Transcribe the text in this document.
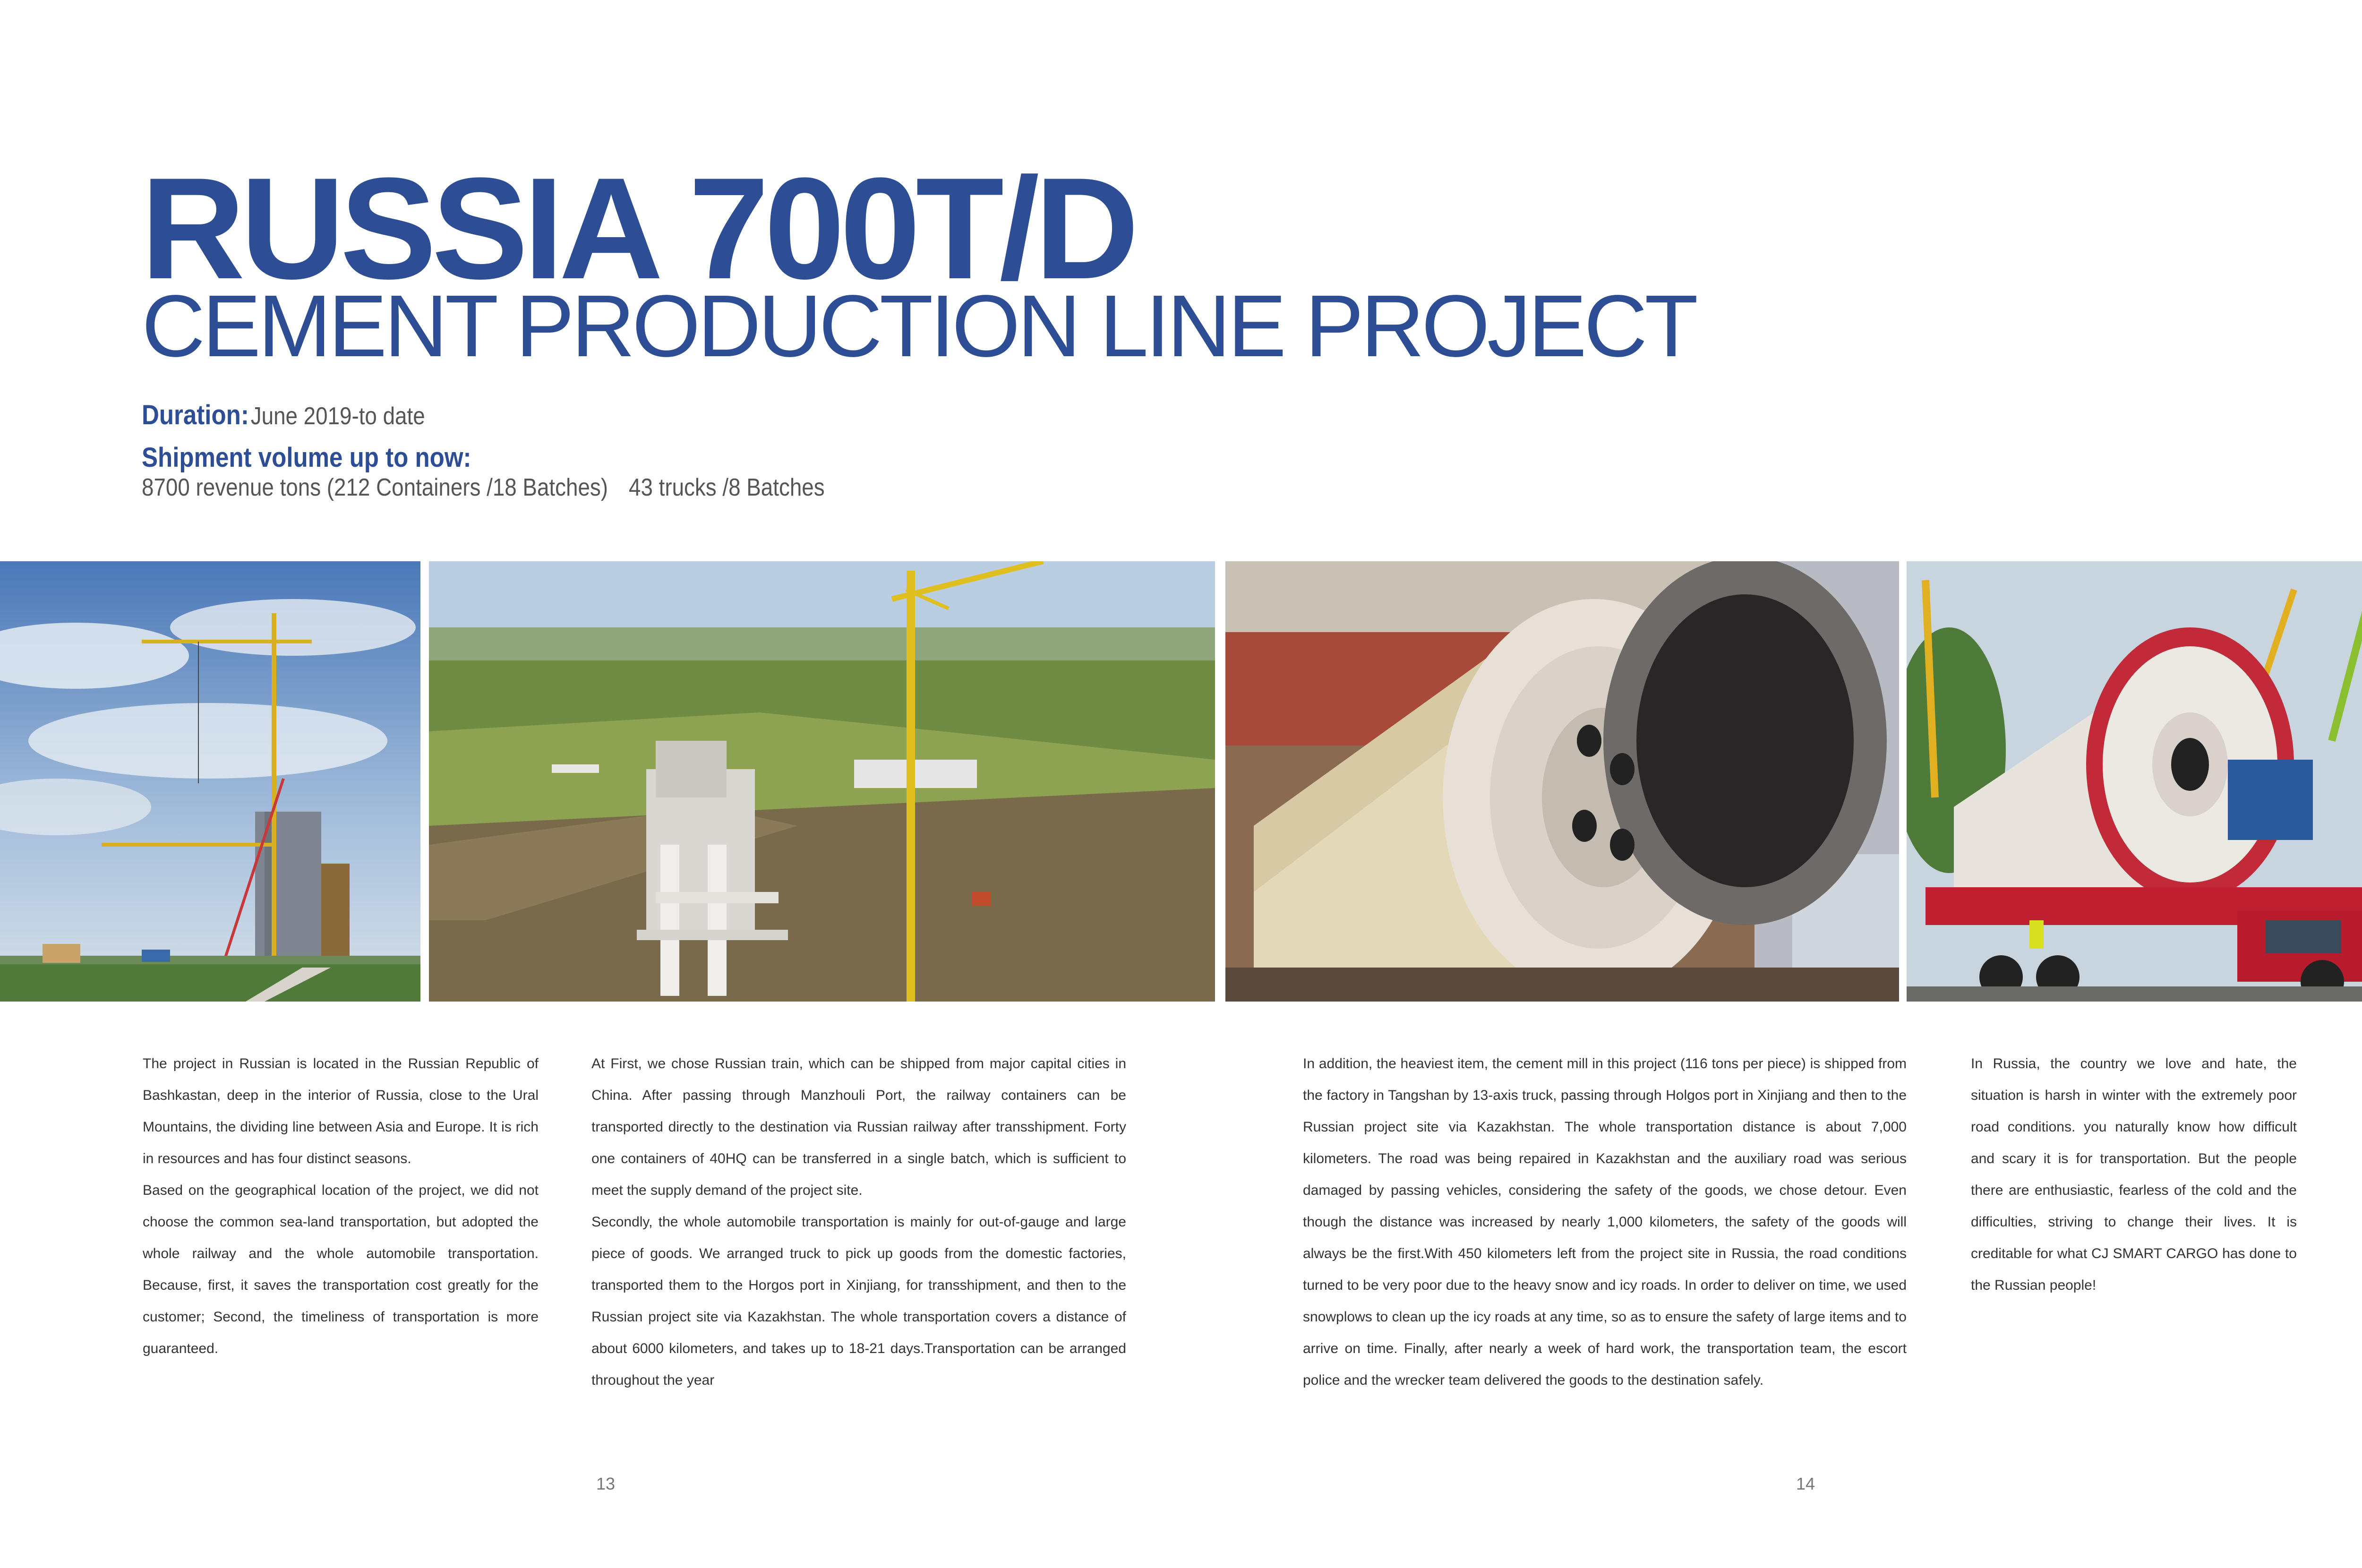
RUSSIA 700T/D
CEMENT PRODUCTION LINE PROJECT
Duration: June 2019-to date
Shipment volume up to now:
8700 revenue tons (212 Containers /18 Batches) 43 trucks /8 Batches

The project in Russian is located in the Russian Republic of Bashkastan, deep in the interior of Russia, close to the Ural Mountains, the dividing line between Asia and Europe. It is rich in resources and has four distinct seasons.

Based on the geographical location of the project, we did not choose the common sea-land transportation, but adopted the whole railway and the whole automobile transportation. Because, first, it saves the transportation cost greatly for the customer; Second, the timeliness of transportation is more guaranteed.

At First, we chose Russian train, which can be shipped from major capital cities in China. After passing through Manzhouli Port, the railway containers can be transported directly to the destination via Russian railway after transshipment. Forty one containers of 40HQ can be transferred in a single batch, which is sufficient to meet the supply demand of the project site.

Secondly, the whole automobile transportation is mainly for out-of-gauge and large piece of goods. We arranged truck to pick up goods from the domestic factories, transported them to the Horgos port in Xinjiang, for transshipment, and then to the Russian project site via Kazakhstan. The whole transportation covers a distance of about 6000 kilometers, and takes up to 18-21 days.Transportation can be arranged throughout the year

In addition, the heaviest item, the cement mill in this project (116 tons per piece) is shipped from the factory in Tangshan by 13-axis truck, passing through Holgos port in Xinjiang and then to the Russian project site via Kazakhstan. The whole transportation distance is about 7,000 kilometers. The road was being repaired in Kazakhstan and the auxiliary road was serious damaged by passing vehicles, considering the safety of the goods, we chose detour. Even though the distance was increased by nearly 1,000 kilometers, the safety of the goods will always be the first.With 450 kilometers left from the project site in Russia, the road conditions turned to be very poor due to the heavy snow and icy roads. In order to deliver on time, we used snowplows to clean up the icy roads at any time, so as to ensure the safety of large items and to arrive on time. Finally, after nearly a week of hard work, the transportation team, the escort police and the wrecker team delivered the goods to the destination safely.

In Russia, the country we love and hate, the situation is harsh in winter with the extremely poor road conditions. you naturally know how difficult and scary it is for transportation. But the people there are enthusiastic, fearless of the cold and the difficulties, striving to change their lives. It is creditable for what CJ SMART CARGO has done to the Russian people!

13	14
